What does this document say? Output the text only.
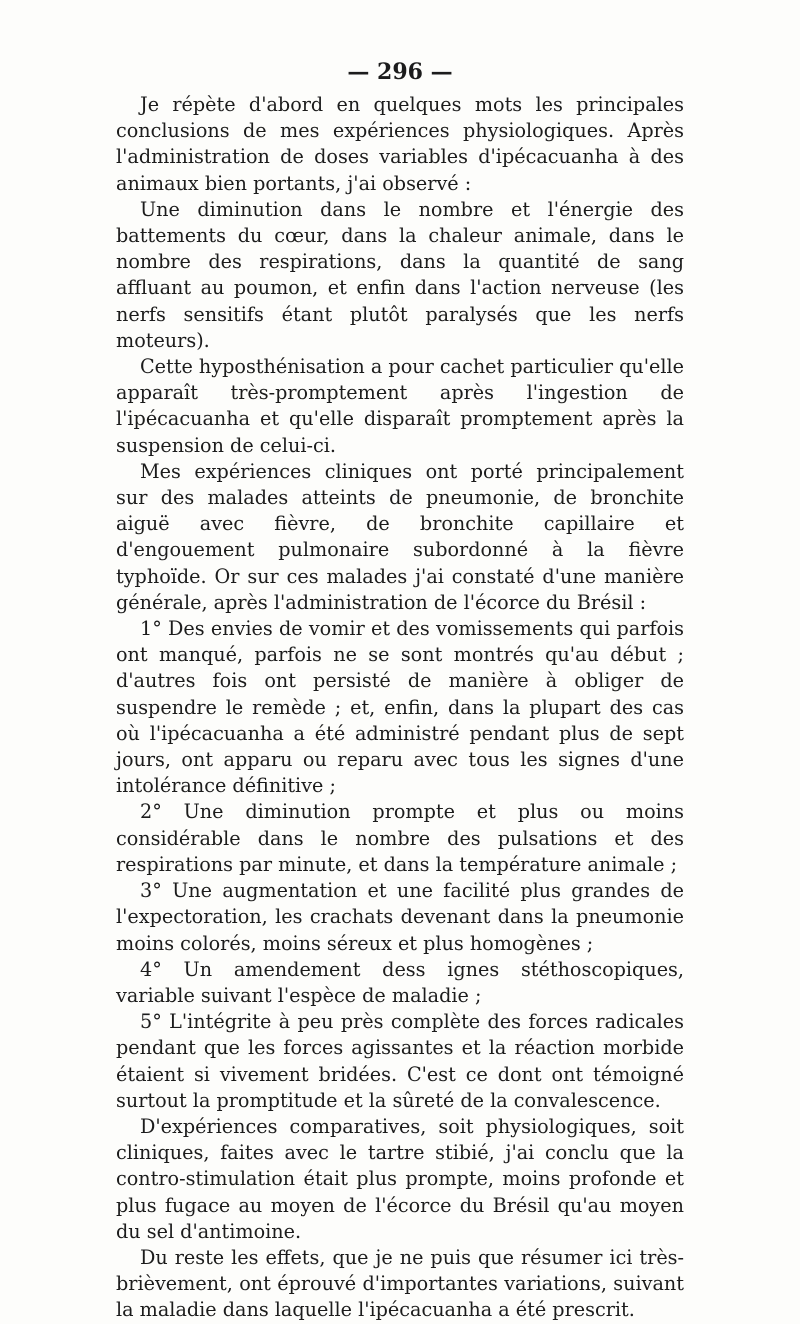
— 296 —

Je répète d'abord en quelques mots les principales conclusions de mes expériences physiologiques. Après l'administration de doses variables d'ipécacuanha à des animaux bien portants, j'ai observé :

Une diminution dans le nombre et l'énergie des battements du cœur, dans la chaleur animale, dans le nombre des respirations, dans la quantité de sang affluant au poumon, et enfin dans l'action nerveuse (les nerfs sensitifs étant plutôt paralysés que les nerfs moteurs).

Cette hyposthénisation a pour cachet particulier qu'elle apparaît très-promptement après l'ingestion de l'ipécacuanha et qu'elle disparaît promptement après la suspension de celui-ci.

Mes expériences cliniques ont porté principalement sur des malades atteints de pneumonie, de bronchite aiguë avec fièvre, de bronchite capillaire et d'engouement pulmonaire subordonné à la fièvre typhoïde. Or sur ces malades j'ai constaté d'une manière générale, après l'administration de l'écorce du Brésil :

1° Des envies de vomir et des vomissements qui parfois ont manqué, parfois ne se sont montrés qu'au début ; d'autres fois ont persisté de manière à obliger de suspendre le remède ; et, enfin, dans la plupart des cas où l'ipécacuanha a été administré pendant plus de sept jours, ont apparu ou reparu avec tous les signes d'une intolérance définitive ;

2° Une diminution prompte et plus ou moins considérable dans le nombre des pulsations et des respirations par minute, et dans la température animale ;

3° Une augmentation et une facilité plus grandes de l'expectoration, les crachats devenant dans la pneumonie moins colorés, moins séreux et plus homogènes ;

4° Un amendement dess ignes stéthoscopiques, variable suivant l'espèce de maladie ;

5° L'intégrite à peu près complète des forces radicales pendant que les forces agissantes et la réaction morbide étaient si vivement bridées. C'est ce dont ont témoigné surtout la promptitude et la sûreté de la convalescence.

D'expériences comparatives, soit physiologiques, soit cliniques, faites avec le tartre stibié, j'ai conclu que la contro-stimulation était plus prompte, moins profonde et plus fugace au moyen de l'écorce du Brésil qu'au moyen du sel d'antimoine.

Du reste les effets, que je ne puis que résumer ici très-brièvement, ont éprouvé d'importantes variations, suivant la maladie dans laquelle l'ipécacuanha a été prescrit.
